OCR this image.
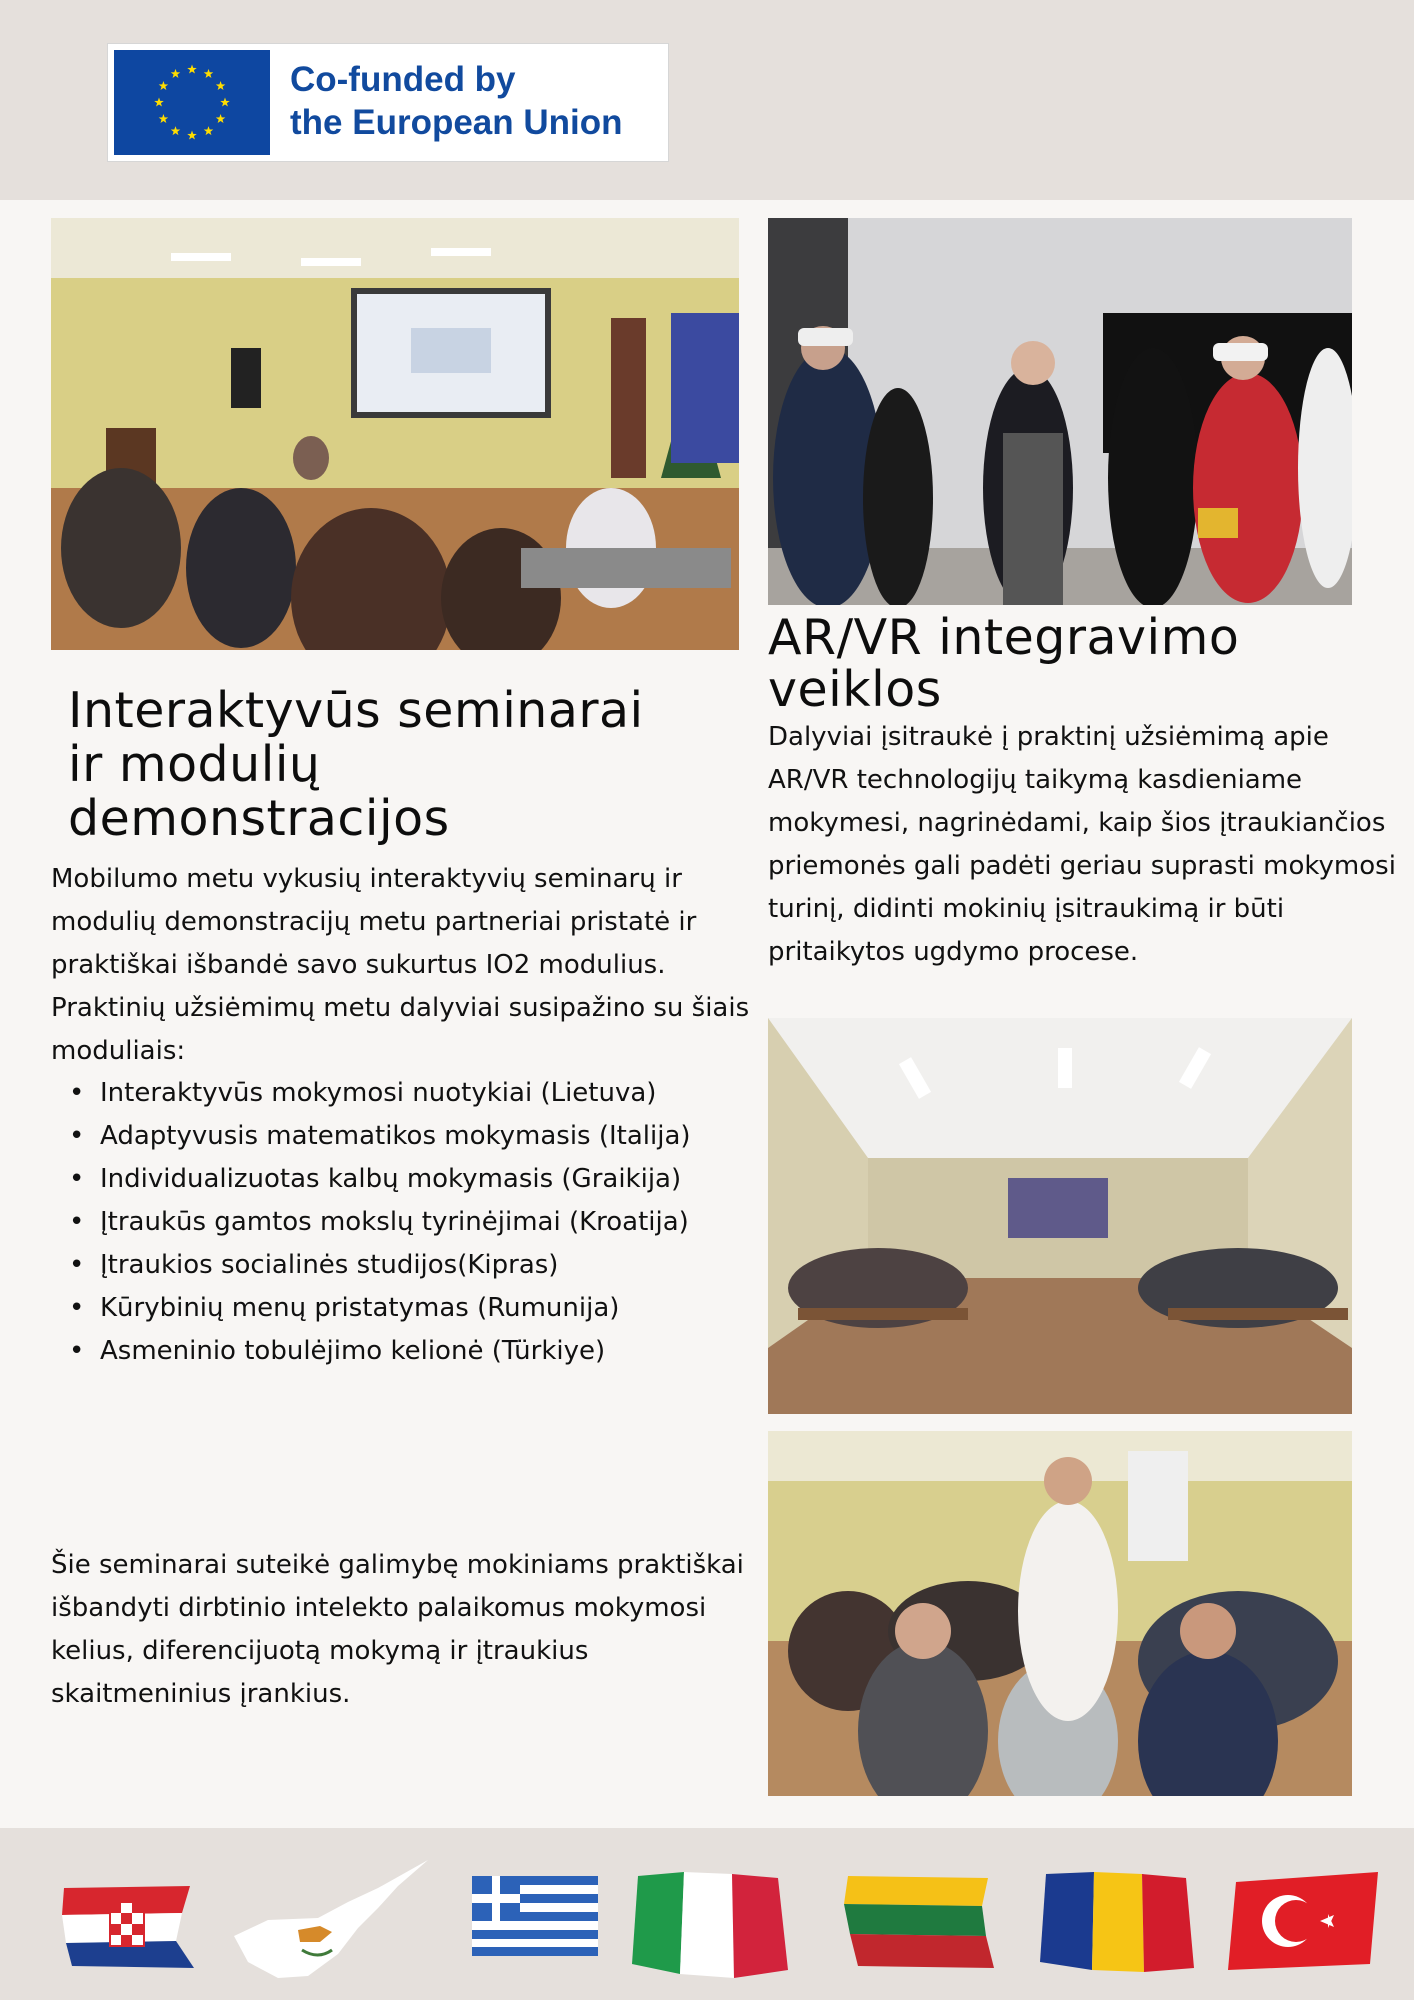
Co-funded by
the European Union
Interaktyvūs seminarai
ir modulių
demonstracijos
AR/VR integravimo
veiklos
Mobilumo metu vykusių interaktyvių seminarų ir modulių demonstracijų metu partneriai pristatė ir praktiškai išbandė savo sukurtus IO2 modulius. Praktinių užsiėmimų metu dalyviai susipažino su šiais moduliais:
• Interaktyvūs mokymosi nuotykiai (Lietuva)
• Adaptyvusis matematikos mokymasis (Italija)
• Individualizuotas kalbų mokymasis (Graikija)
• Įtraukūs gamtos mokslų tyrinėjimai (Kroatija)
• Įtraukios socialinės studijos(Kipras)
• Kūrybinių menų pristatymas (Rumunija)
• Asmeninio tobulėjimo kelionė (Türkiye)
Šie seminarai suteikė galimybę mokiniams praktiškai išbandyti dirbtinio intelekto palaikomus mokymosi kelius, diferencijuotą mokymą ir įtraukius skaitmeninius įrankius.
Dalyviai įsitraukė į praktinį užsiėmimą apie AR/VR technologijų taikymą kasdieniame mokymesi, nagrinėdami, kaip šios įtraukiančios priemonės gali padėti geriau suprasti mokymosi turinį, didinti mokinių įsitraukimą ir būti pritaikytos ugdymo procese.
